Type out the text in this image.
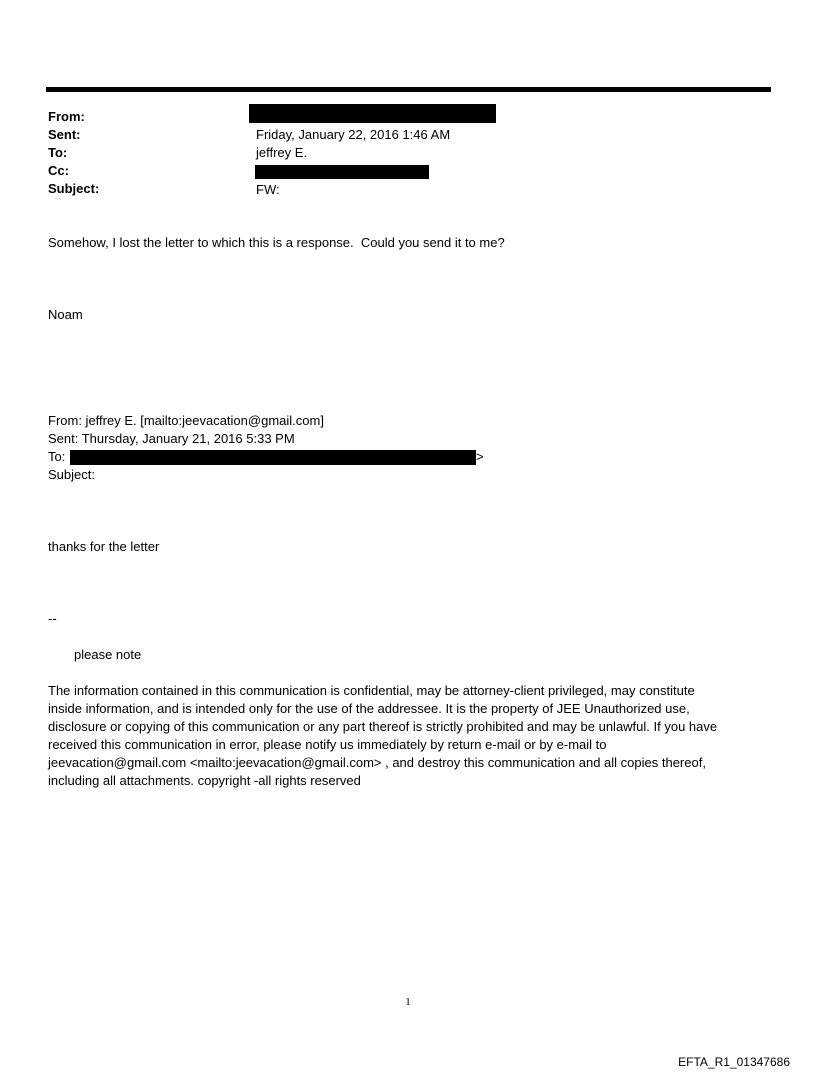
From:
Sent:	Friday, January 22, 2016 1:46 AM
To:	jeffrey E.
Cc:
Subject:	FW:
Somehow, I lost the letter to which this is a response.  Could you send it to me?
Noam
From: jeffrey E. [mailto:jeevacation@gmail.com]
Sent: Thursday, January 21, 2016 5:33 PM
To:	>
Subject:
thanks for the letter
--
please note
The information contained in this communication is confidential, may be attorney-client privileged, may constitute
inside information, and is intended only for the use of the addressee. It is the property of JEE Unauthorized use,
disclosure or copying of this communication or any part thereof is strictly prohibited and may be unlawful. If you have
received this communication in error, please notify us immediately by return e-mail or by e-mail to
jeevacation@gmail.com <mailto:jeevacation@gmail.com> , and destroy this communication and all copies thereof,
including all attachments. copyright -all rights reserved
1
EFTA_R1_01347686
